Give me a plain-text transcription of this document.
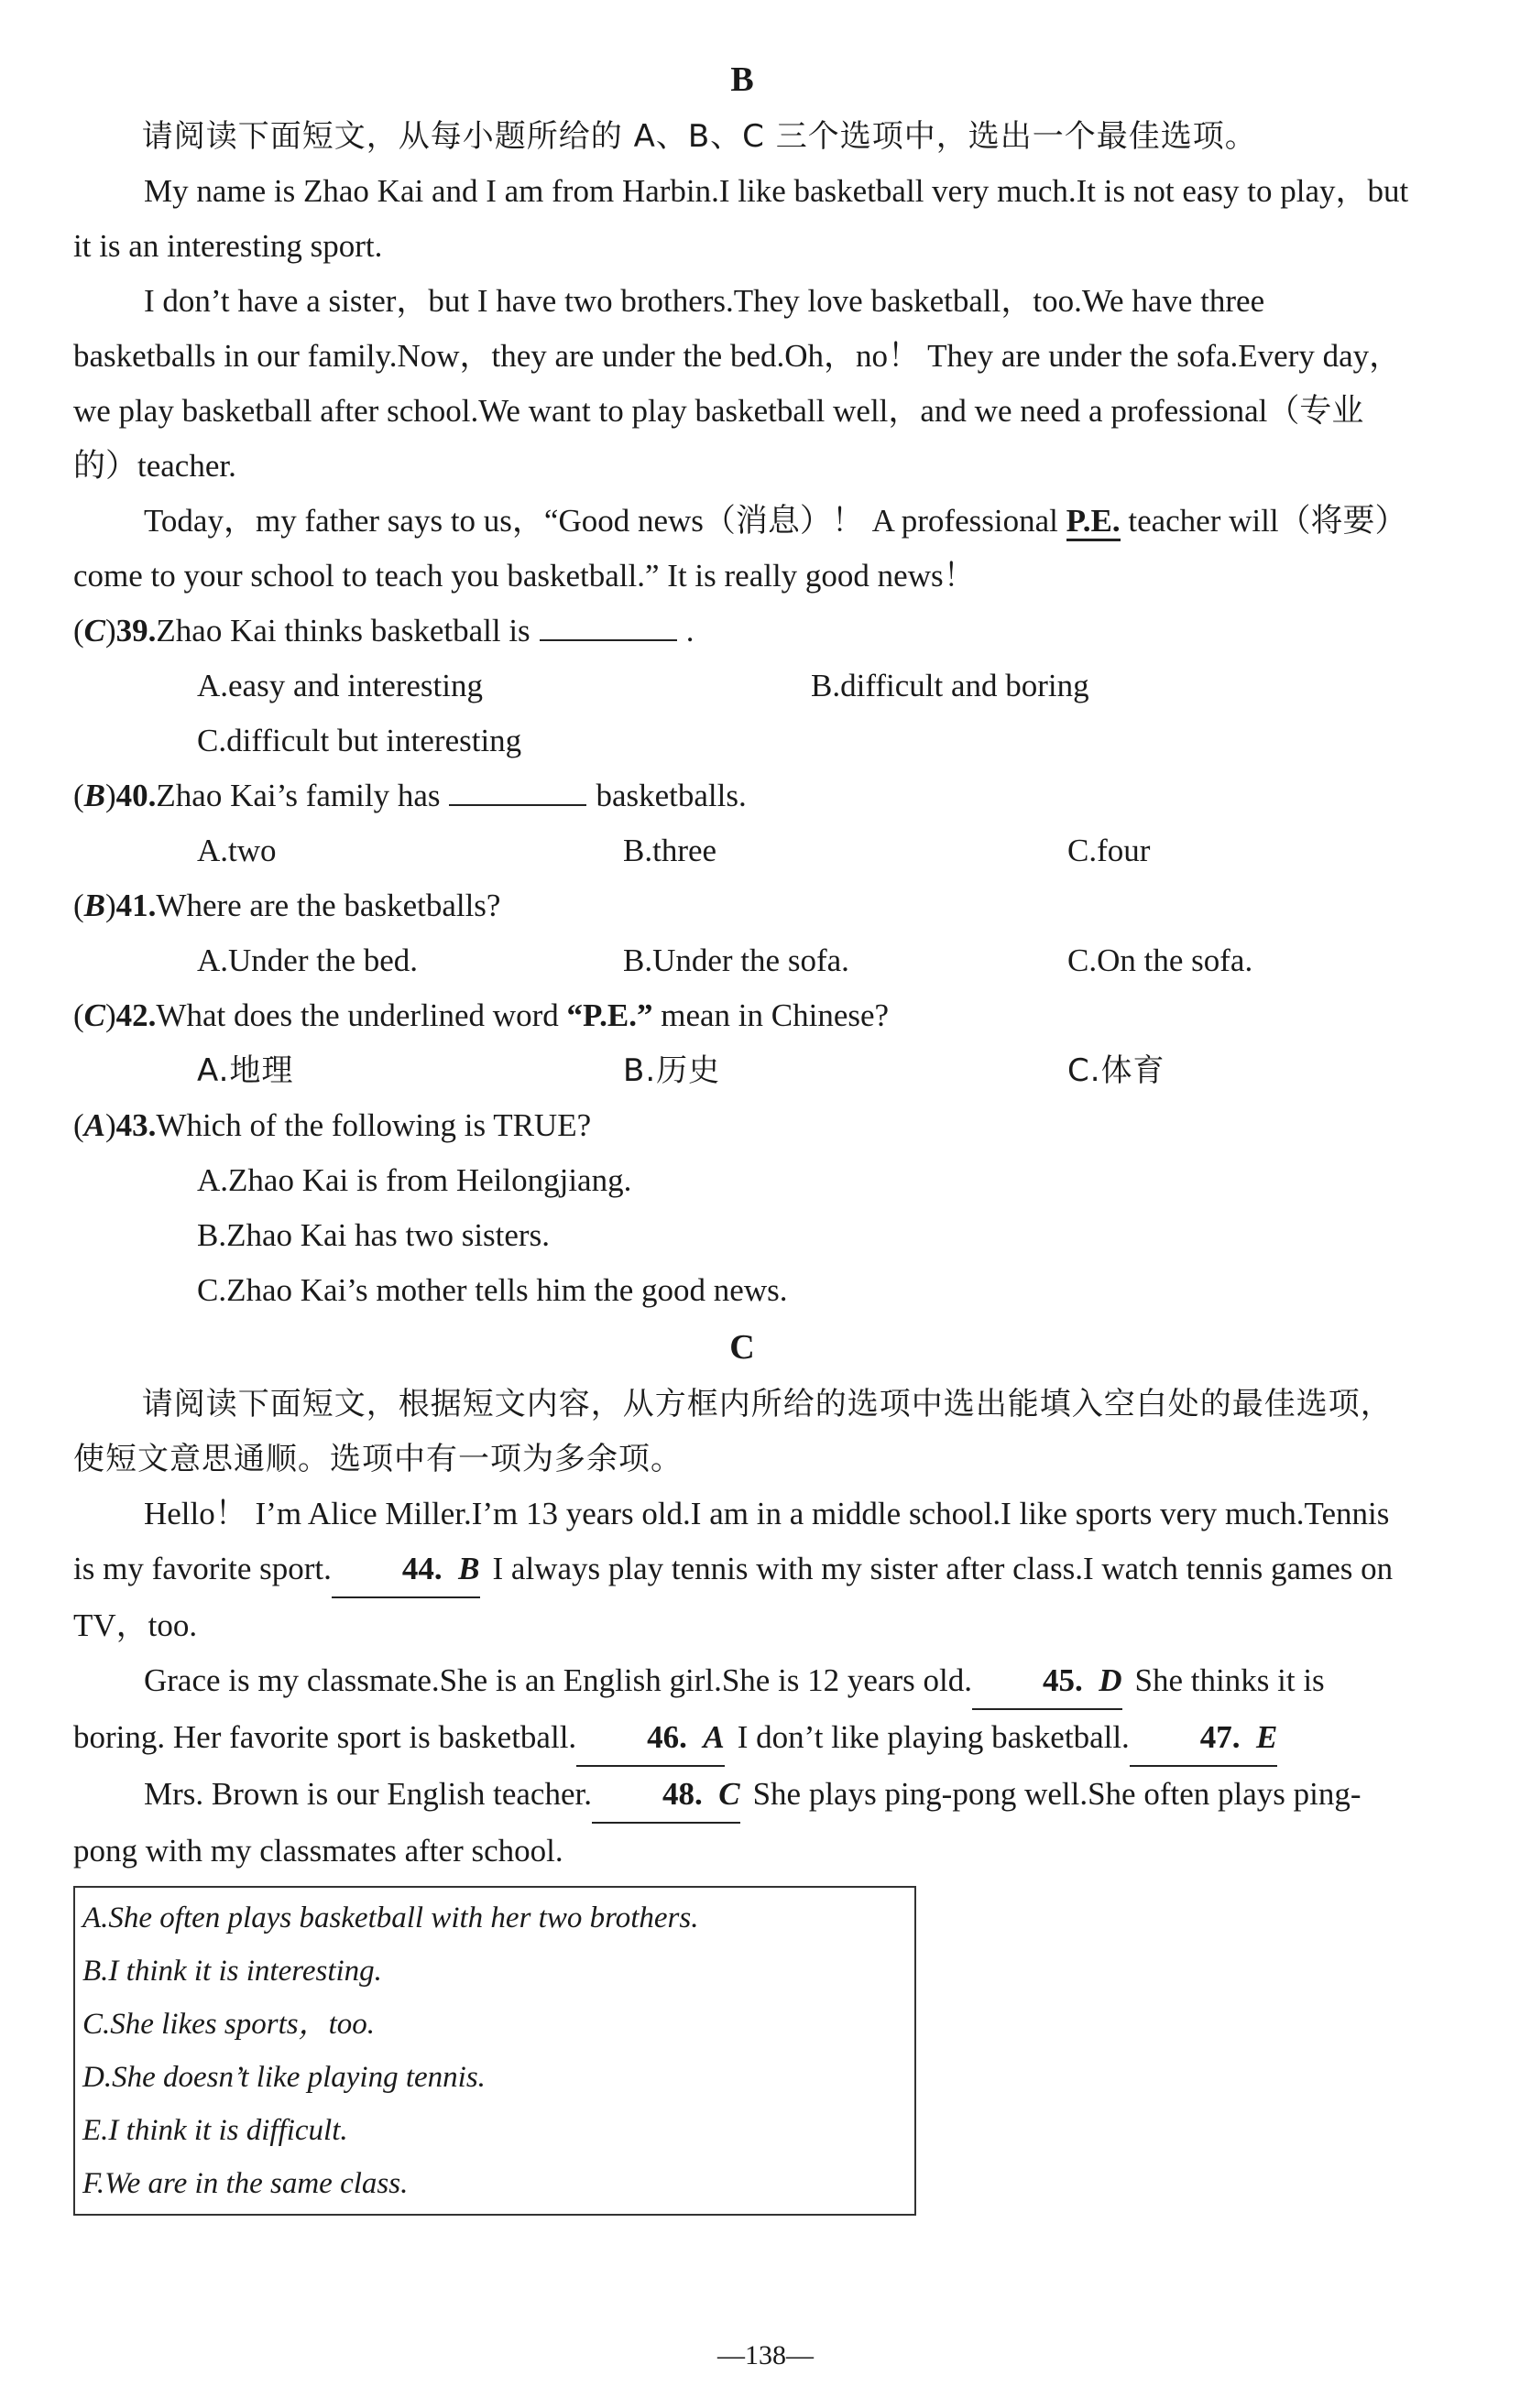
B

请阅读下面短文，从每小题所给的 A、B、C 三个选项中，选出一个最佳选项。

My name is Zhao Kai and I am from Harbin.I like basketball very much.It is not easy to play，but it is an interesting sport.

I don’t have a sister，but I have two brothers.They love basketball，too.We have three basketballs in our family.Now，they are under the bed.Oh，no！ They are under the sofa.Every day，we play basketball after school.We want to play basketball well，and we need a professional（专业的）teacher.

Today，my father says to us，“Good news（消息）！ A professional P.E. teacher will（将要）come to your school to teach you basketball.” It is really good news！

(C)39.Zhao Kai thinks basketball is	.
A.easy and interesting	B.difficult and boring
C.difficult but interesting
(B)40.Zhao Kai’s family has	basketballs.
A.two	B.three	C.four
(B)41.Where are the basketballs?
A.Under the bed.	B.Under the sofa.	C.On the sofa.
(C)42.What does the underlined word “P.E.” mean in Chinese?
A.地理	B.历史	C.体育
(A)43.Which of the following is TRUE?
A.Zhao Kai is from Heilongjiang.
B.Zhao Kai has two sisters.
C.Zhao Kai’s mother tells him the good news.
C

请阅读下面短文，根据短文内容，从方框内所给的选项中选出能填入空白处的最佳选项，使短文意思通顺。选项中有一项为多余项。

Hello！ I’m Alice Miller.I’m 13 years old.I am in a middle school.I like sports very much.Tennis is my favorite sport. 44. B I always play tennis with my sister after class.I watch tennis games on TV，too.

Grace is my classmate.She is an English girl.She is 12 years old. 45. D She thinks it is boring. Her favorite sport is basketball. 46. A I don’t like playing basketball. 47. E

Mrs. Brown is our English teacher. 48. C She plays ping-pong well.She often plays ping-pong with my classmates after school.

A.She often plays basketball with her two brothers.
B.I think it is interesting.
C.She likes sports，too.
D.She doesn’t like playing tennis.
E.I think it is difficult.
F.We are in the same class.
—138—
